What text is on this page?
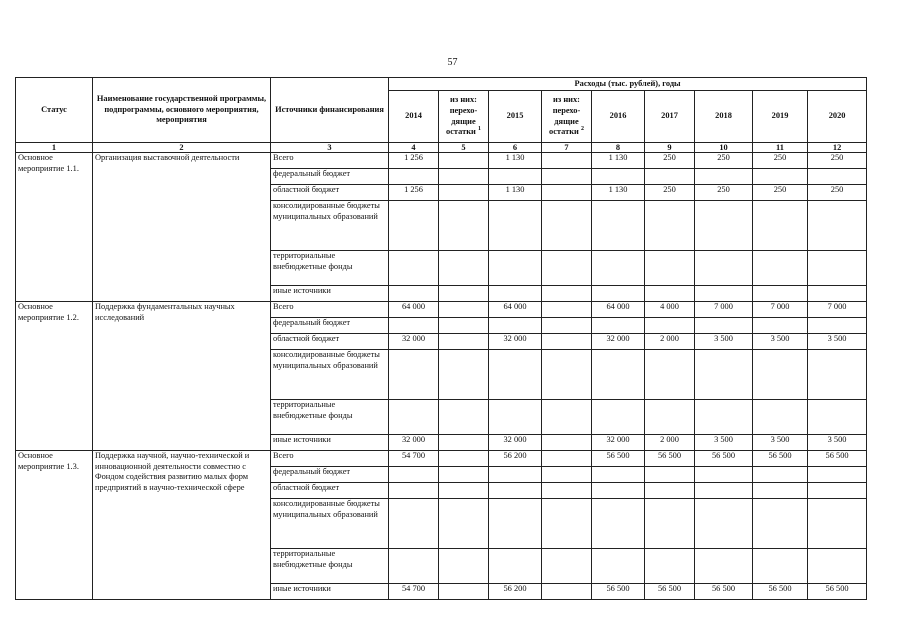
57
Статус	Наименование государственной программы, подпрограммы, основного мероприятия, мероприятия	Источники финансирования	Расходы (тыс. рублей), годы								
			2014	из них: перехо-дящие остатки $^1$	2015	из них: перехо-дящие остатки $^2$	2016	2017	2018	2019	2020
1	2	3	4	5	6	7	8	9	10	11	12
Основное мероприятие 1.1.	Организация выставочной деятельности	Всего	1 256		1 130		1 130	250	250	250	250
		федеральный бюджет									
		областной бюджет	1 256		1 130		1 130	250	250	250	250
		консолидированные бюджеты муниципальных образований									
		территориальные внебюджетные фонды									
		иные источники									
Основное мероприятие 1.2.	Поддержка фундаментальных научных исследований	Всего	64 000		64 000		64 000	4 000	7 000	7 000	7 000
		федеральный бюджет									
		областной бюджет	32 000		32 000		32 000	2 000	3 500	3 500	3 500
		консолидированные бюджеты муниципальных образований									
		территориальные внебюджетные фонды									
		иные источники	32 000		32 000		32 000	2 000	3 500	3 500	3 500
Основное мероприятие 1.3.	Поддержка научной, научно-технической и инновационной деятельности совместно с Фондом содействия развитию малых форм предприятий в научно-технической сфере	Всего	54 700		56 200		56 500	56 500	56 500	56 500	56 500
		федеральный бюджет									
		областной бюджет									
		консолидированные бюджеты муниципальных образований									
		территориальные внебюджетные фонды									
		иные источники	54 700		56 200		56 500	56 500	56 500	56 500	56 500
